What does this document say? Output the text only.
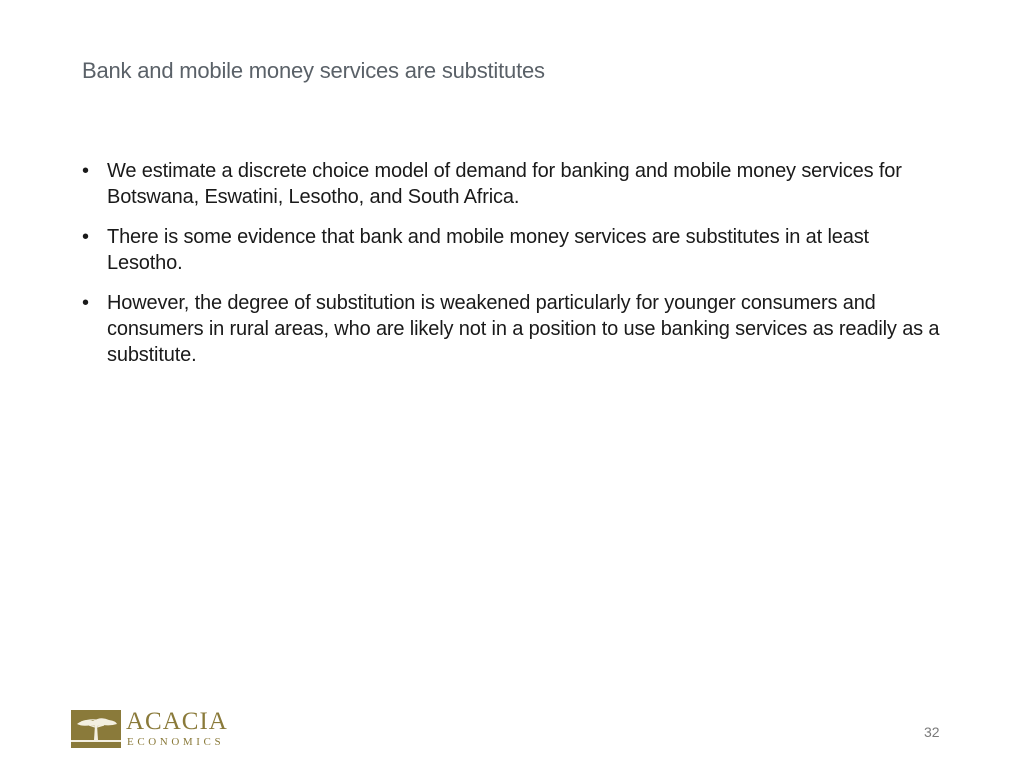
Bank and mobile money services are substitutes
• We estimate a discrete choice model of demand for banking and mobile money services for Botswana, Eswatini, Lesotho, and South Africa.
• There is some evidence that bank and mobile money services are substitutes in at least Lesotho.
• However, the degree of substitution is weakened particularly for younger consumers and consumers in rural areas, who are likely not in a position to use banking services as readily as a substitute.
ACACIA
ECONOMICS
32
